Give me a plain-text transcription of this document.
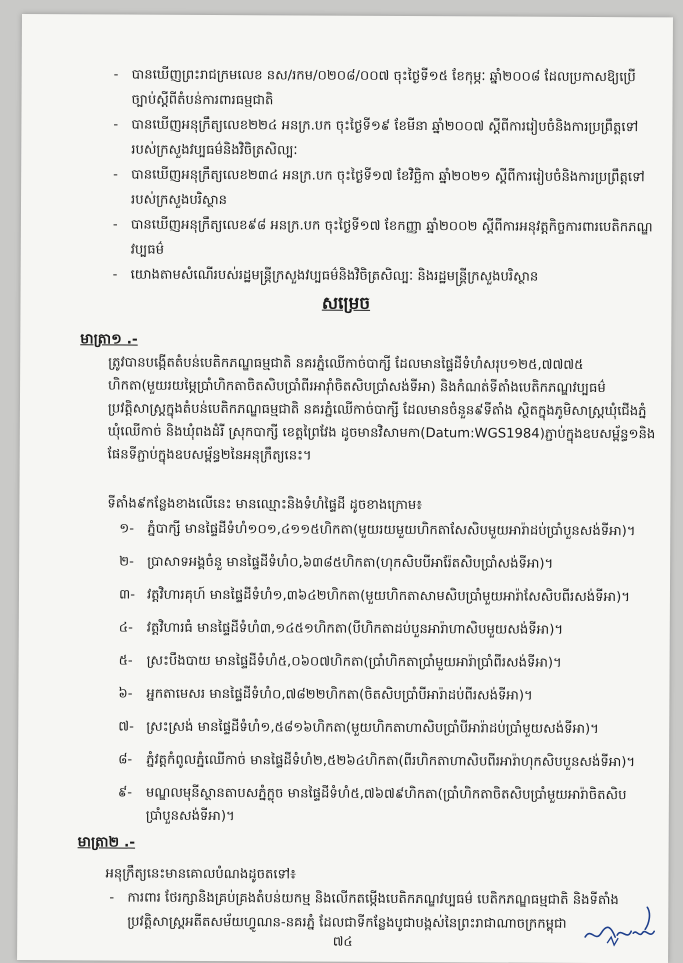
- បានឃើញព្រះរាជក្រមលេខ នស/រកម/០២០៨/០០៧ ចុះថ្ងៃទី១៥ ខែកុម្ភៈ ឆ្នាំ២០០៨ ដែលប្រកាសឱ្យប្រើច្បាប់ស្ដីពីតំបន់ការពារធម្មជាតិ

- បានឃើញអនុក្រឹត្យលេខ២២៤ អនក្រ.បក ចុះថ្ងៃទី១៩ ខែមីនា ឆ្នាំ២០០៧ ស្តីពីការរៀបចំនិងការប្រព្រឹត្តទៅរបស់ក្រសួងវប្បធម៌និងវិចិត្រសិល្បៈ

- បានឃើញអនុក្រឹត្យលេខ២៣៤ អនក្រ.បក ចុះថ្ងៃទី១៧ ខែវិច្ឆិកា ឆ្នាំ២០២១ ស្តីពីការរៀបចំនិងការប្រព្រឹត្តទៅរបស់ក្រសួងបរិស្ថាន

- បានឃើញអនុក្រឹត្យលេខ៩៨ អនក្រ.បក ចុះថ្ងៃទី១៧ ខែកញ្ញា ឆ្នាំ២០០២ ស្តីពីការអនុវត្តកិច្ចការពារបេតិកភណ្ឌវប្បធម៌

- យោងតាមសំណើរបស់រដ្ឋមន្ត្រីក្រសួងវប្បធម៌និងវិចិត្រសិល្បៈ និងរដ្ឋមន្ត្រីក្រសួងបរិស្ថាន

សម្រេច
មាត្រា១ .-

ត្រូវបានបង្កើតតំបន់បេតិកភណ្ឌធម្មជាតិ នគរភ្នំឈើកាច់បាក្សី ដែលមានផ្ទៃដីទំហំសរុប១២៥,៧៧៧៥ ហិកតា(មួយរយម្ភៃប្រាំហិកតាចិតសិបប្រាំពីរអារ៉ាំចិតសិបប្រាំសង់ទីអា) និងកំណត់ទីតាំងបេតិកភណ្ឌវប្បធម៌ប្រវត្តិសាស្ត្រក្នុងតំបន់បេតិកភណ្ឌធម្មជាតិ នគរភ្នំឈើកាច់បាក្សី ដែលមានចំនួន៩ទីតាំង ស្ថិតក្នុងភូមិសាស្ត្រឃុំជើងភ្នំ ឃុំឈើកាច់ និងឃុំពងដំរី ស្រុកបាក្សី ខេត្តព្រៃវែង ដូចមានវិសាមកា(Datum:WGS1984)ភ្ជាប់ក្នុងឧបសម្ព័ន្ធ១និងផែនទីភ្ជាប់ក្នុងឧបសម្ព័ន្ធ២នៃអនុក្រឹត្យនេះ។

ទីតាំង៩កន្លែងខាងលើនេះ មានឈ្មោះនិងទំហំផ្ទៃដី ដូចខាងក្រោម៖

១- ភ្នំបាក្សី មានផ្ទៃដីទំហំ១០១,៤១១៥ហិកតា(មួយរយមួយហិកតាសែសិបមួយអារ៉ាដប់ប្រាំបួនសង់ទីអា)។
២- ប្រាសាទអង្គចំនួ មានផ្ទៃដីទំហំ០,៦៣៨៥ហិកតា(ហុកសិបបីអារ៉ែតសិបប្រាំសង់ទីអា)។
៣- វត្តវិហារគុហ៍ មានផ្ទៃដីទំហំ១,៣៦៤២ហិកតា(មួយហិកតាសាមសិបប្រាំមួយអារ៉ាសែសិបពីរសង់ទីអា)។
៤-	វត្តវិហារធំ មានផ្ទៃដីទំហំ៣,១៤៥១ហិកតា(បីហិកតាដប់បួនអារ៉ាហាសិបមួយសង់ទីអា)។
៥-	ស្រះបឹងបាយ មានផ្ទៃដីទំហំ៥,០៦០៧ហិកតា(ប្រាំហិកតាប្រាំមួយអារ៉ាប្រាំពីរសង់ទីអា)។
៦-	អ្នកតាមេសរ មានផ្ទៃដីទំហំ០,៧៨២២ហិកតា(ចិតសិបប្រាំបីអារ៉ាដប់ពីរសង់ទីអា)។
៧- ស្រះស្រង់ មានផ្ទៃដីទំហំ១,៥៨១៦ហិកតា(មួយហិកតាហាសិបប្រាំបីអារ៉ាដប់ប្រាំមួយសង់ទីអា)។
៨-	ភ្នំវត្តកំពូលភ្នំឈើកាច់ មានផ្ទៃដីទំហំ២,៥២៦៤ហិកតា(ពីរហិកតាហាសិបពីរអារ៉ាហុកសិបបួនសង់ទីអា)។
៩-	មណ្ឌលមុនីស្ថានតាបសភ្នំក្លុច មានផ្ទៃដីទំហំ៥,៧៦៧៩ហិកតា(ប្រាំហិកតាចិតសិបប្រាំមួយអារ៉ាចិតសិបប្រាំបួនសង់ទីអា)។
មាត្រា២ .-

អនុក្រឹត្យនេះមានគោលបំណងដូចតទៅ៖

- ការពារ ថែរក្សានិងគ្រប់គ្រងតំបន់យកម្ម និងលើកតម្កើងបេតិកភណ្ឌវប្បធម៌ បេតិកភណ្ឌធម្មជាតិ និងទីតាំងប្រវត្តិសាស្ត្រអតីតសម័យហ្វូណន-នគរភ្នំ ដែលជាទីកន្លែងបូជាបង្កស់នៃព្រះរាជាណាចក្រកម្ពុជា

៧៤
